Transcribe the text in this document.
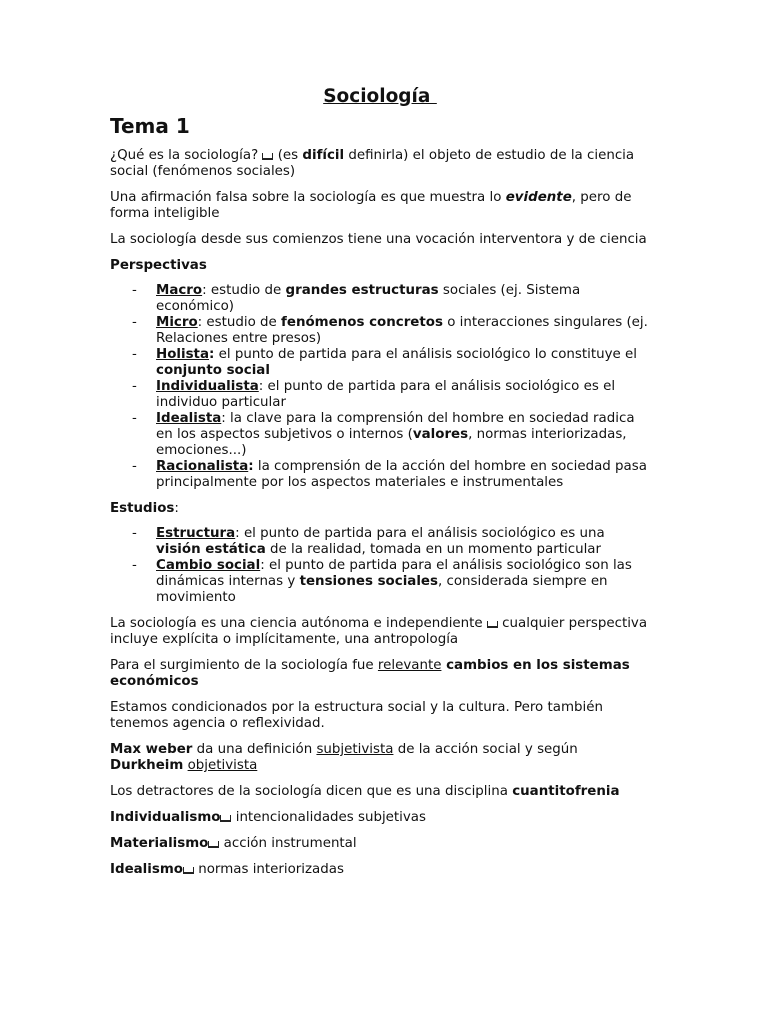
Sociología
Tema 1

¿Qué es la sociología?  (es difícil definirla) el objeto de estudio de la ciencia social (fenómenos sociales)

Una afirmación falsa sobre la sociología es que muestra lo evidente, pero de forma inteligible

La sociología desde sus comienzos tiene una vocación interventora y de ciencia

Perspectivas
- Macro: estudio de grandes estructuras sociales (ej. Sistema económico)
- Micro: estudio de fenómenos concretos o interacciones singulares (ej. Relaciones entre presos)
- Holista: el punto de partida para el análisis sociológico lo constituye el conjunto social
- Individualista: el punto de partida para el análisis sociológico es el individuo particular
- Idealista: la clave para la comprensión del hombre en sociedad radica en los aspectos subjetivos o internos (valores, normas interiorizadas, emociones...)
- Racionalista: la comprensión de la acción del hombre en sociedad pasa principalmente por los aspectos materiales e instrumentales
Estudios:
- Estructura: el punto de partida para el análisis sociológico es una visión estática de la realidad, tomada en un momento particular
- Cambio social: el punto de partida para el análisis sociológico son las dinámicas internas y tensiones sociales, considerada siempre en movimiento

La sociología es una ciencia autónoma e independiente  cualquier perspectiva incluye explícita o implícitamente, una antropología

Para el surgimiento de la sociología fue relevante cambios en los sistemas económicos

Estamos condicionados por la estructura social y la cultura. Pero también tenemos agencia o reflexividad.

Max weber da una definición subjetivista de la acción social y según Durkheim objetivista

Los detractores de la sociología dicen que es una disciplina cuantitofrenia

Individualismo intencionalidades subjetivas

Materialismo acción instrumental

Idealismo normas interiorizadas
